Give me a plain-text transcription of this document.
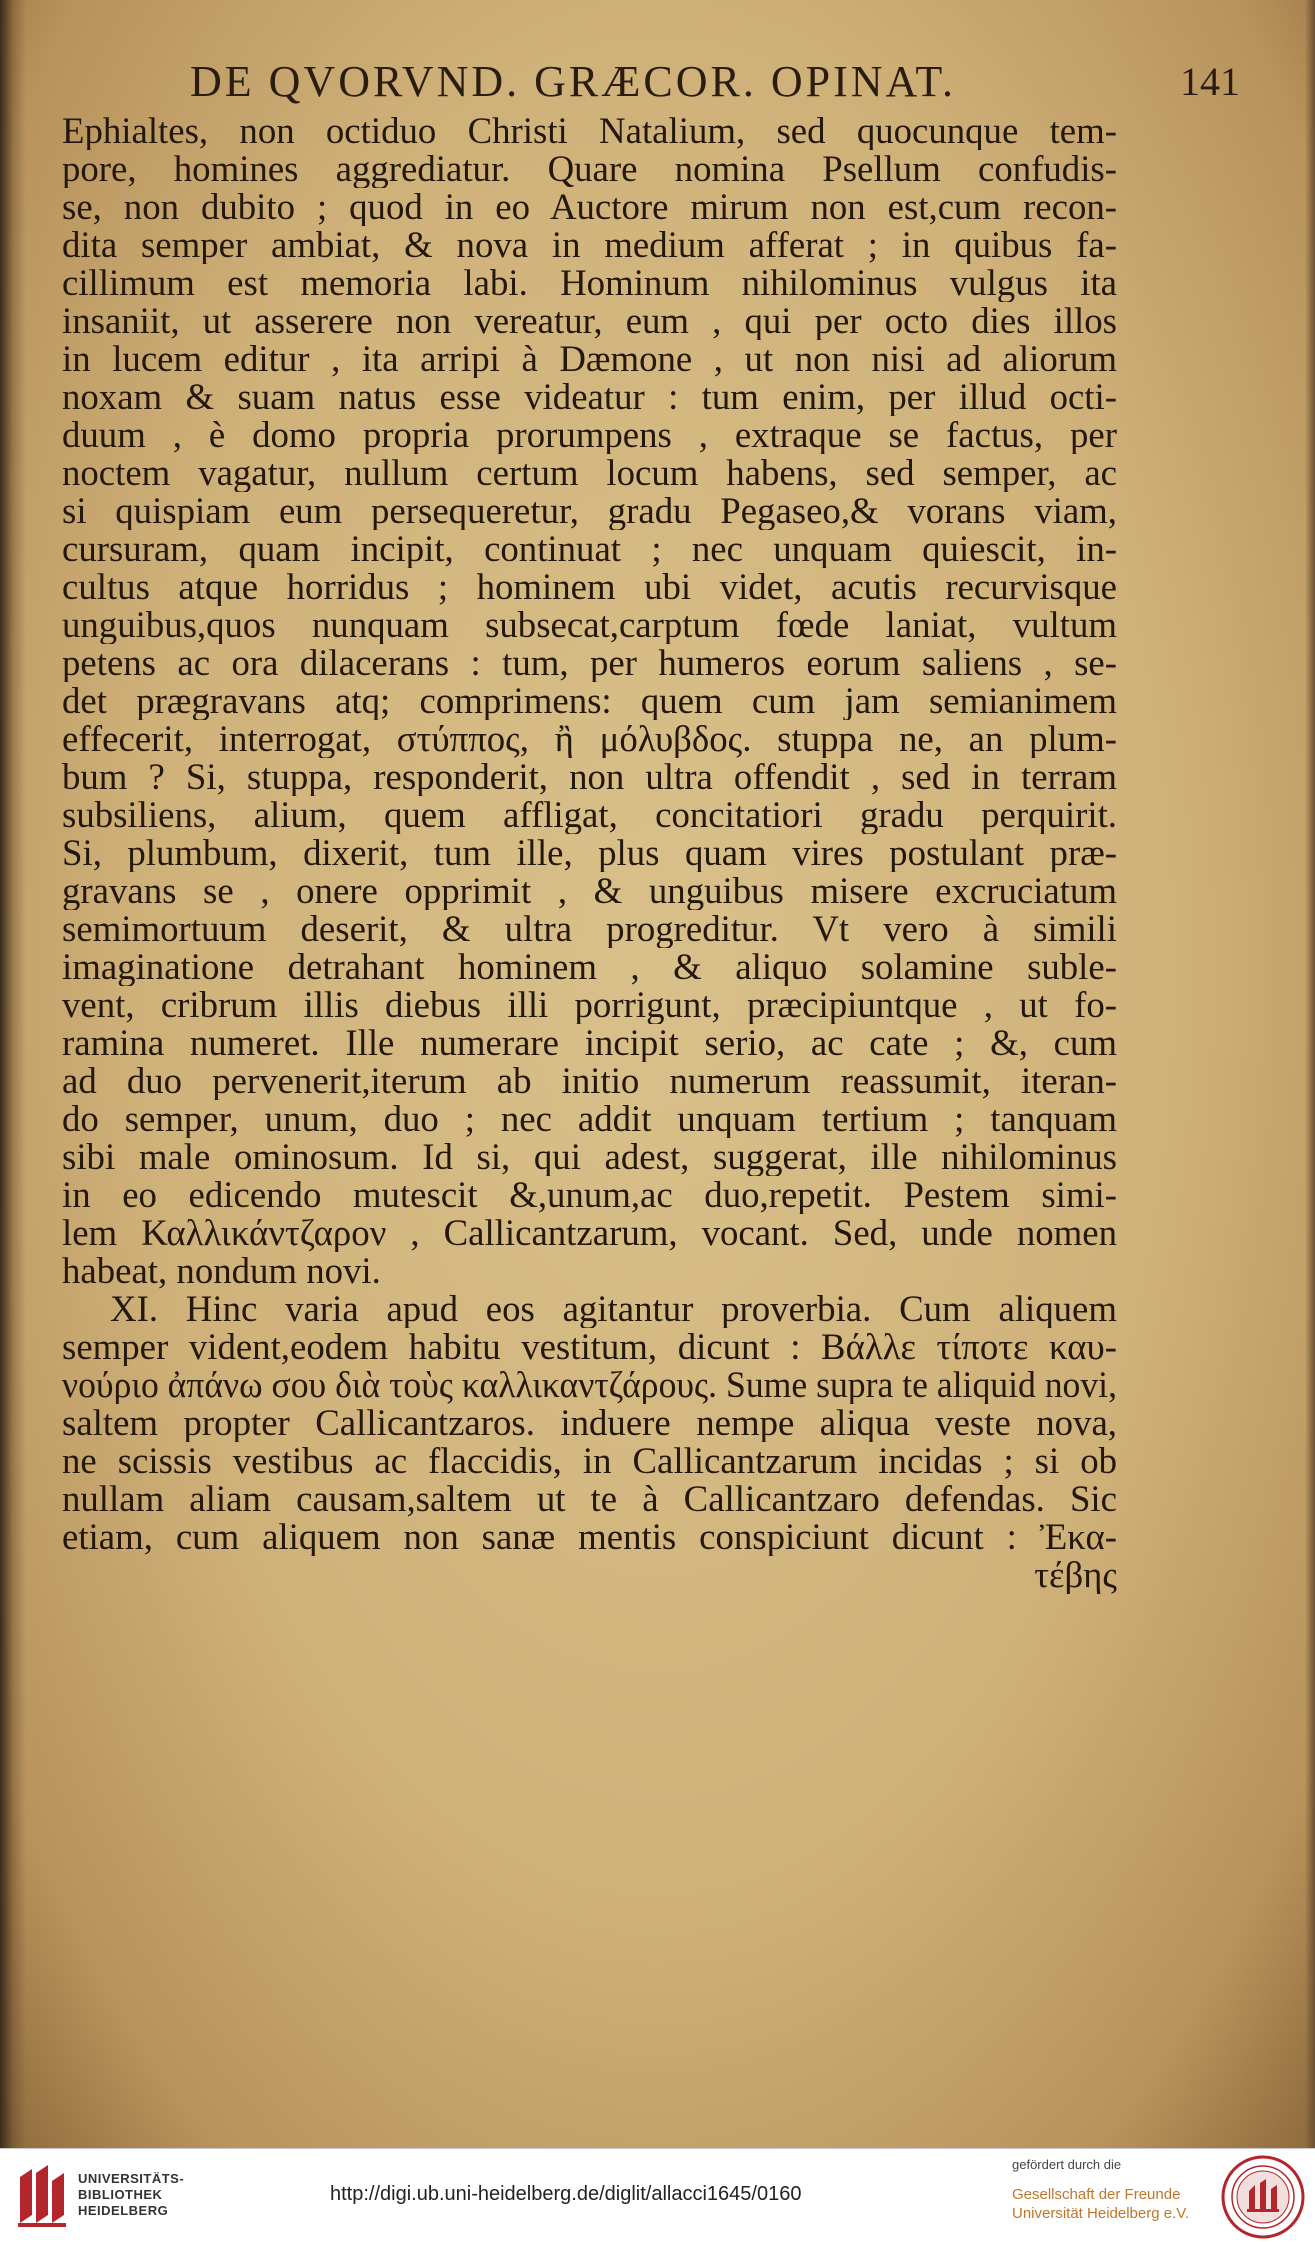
DE QVORVND. GRÆCOR. OPINAT.	141
Ephialtes, non octiduo Christi Natalium, sed quocunque tem-
pore, homines aggrediatur. Quare nomina Psellum confudis-
se, non dubito ; quod in eo Auctore mirum non est,cum recon-
dita semper ambiat, & nova in medium afferat ; in quibus fa-
cillimum est memoria labi. Hominum nihilominus vulgus ita
insaniit, ut asserere non vereatur, eum , qui per octo dies illos
in lucem editur , ita arripi à Dæmone , ut non nisi ad aliorum
noxam & suam natus esse videatur : tum enim, per illud octi-
duum , è domo propria prorumpens , extraque se factus, per
noctem vagatur, nullum certum locum habens, sed semper, ac
si quispiam eum persequeretur, gradu Pegaseo,& vorans viam,
cursuram, quam incipit, continuat ; nec unquam quiescit, in-
cultus atque horridus ; hominem ubi videt, acutis recurvisque
unguibus,quos nunquam subsecat,carptum fœde laniat, vultum
petens ac ora dilacerans : tum, per humeros eorum saliens , se-
det prægravans atq; comprimens: quem cum jam semianimem
effecerit, interrogat, στύππος, ἢ μόλυβδος. stuppa ne, an plum-
bum ? Si, stuppa, responderit, non ultra offendit , sed in terram
subsiliens, alium, quem affligat, concitatiori gradu perquirit.
Si, plumbum, dixerit, tum ille, plus quam vires postulant præ-
gravans se , onere opprimit , & unguibus misere excruciatum
semimortuum deserit, & ultra progreditur. Vt vero à simili
imaginatione detrahant hominem , & aliquo solamine suble-
vent, cribrum illis diebus illi porrigunt, præcipiuntque , ut fo-
ramina numeret. Ille numerare incipit serio, ac cate ; &, cum
ad duo pervenerit,iterum ab initio numerum reassumit, iteran-
do semper, unum, duo ; nec addit unquam tertium ; tanquam
sibi male ominosum. Id si, qui adest, suggerat, ille nihilominus
in eo edicendo mutescit &,unum,ac duo,repetit. Pestem simi-
lem Καλλικάντζαρον , Callicantzarum, vocant. Sed, unde nomen
habeat, nondum novi.
XI. Hinc varia apud eos agitantur proverbia. Cum aliquem
semper vident,eodem habitu vestitum, dicunt : Βάλλε τίποτε καυ-
νούριο ἀπάνω σου διὰ τοὺς καλλικαντζάρους. Sume supra te aliquid novi,
saltem propter Callicantzaros. induere nempe aliqua veste nova,
ne scissis vestibus ac flaccidis, in Callicantzarum incidas ; si ob
nullam aliam causam,saltem ut te à Callicantzaro defendas. Sic
etiam, cum aliquem non sanæ mentis conspiciunt dicunt : Ἐκα-
τέβης
UNIVERSITÄTS-
BIBLIOTHEK
HEIDELBERG
http://digi.ub.uni-heidelberg.de/diglit/allacci1645/0160
gefördert durch die
Gesellschaft der Freunde
Universität Heidelberg e.V.
